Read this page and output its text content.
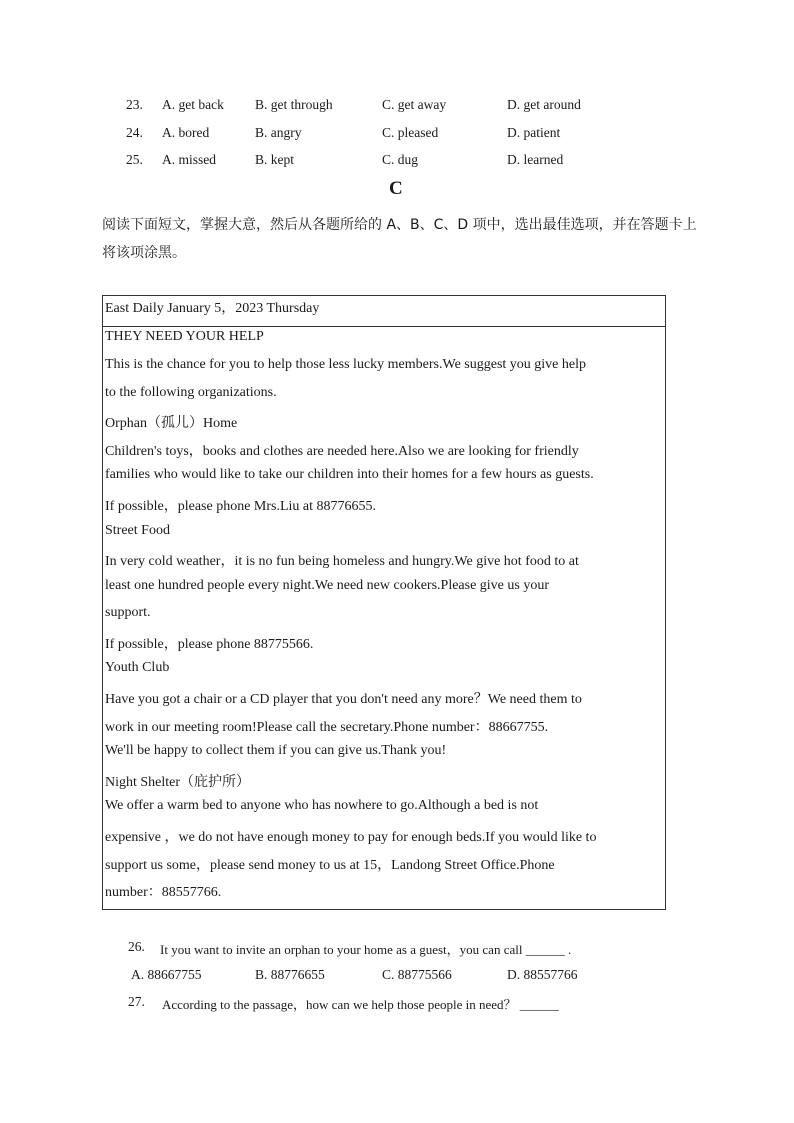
23. A. get back B. get through	C. get away	D. get around
24. A. bored	B. angry	C. pleased	D. patient
25. A. missed	B. kept	C. dug	D. learned
C
阅读下面短文，掌握大意，然后从各题所给的 A、B、C、D 项中，选出最佳选项，并在答题卡上
将该项涂黑。
East Daily January 5，2023 Thursday
THEY NEED YOUR HELP
This is the chance for you to help those less lucky members.We suggest you give help
to the following organizations.
Orphan（孤儿）Home
Children's toys，books and clothes are needed here.Also we are looking for friendly
families who would like to take our children into their homes for a few hours as guests.
If possible，please phone Mrs.Liu at 88776655.
Street Food
In very cold weather，it is no fun being homeless and hungry.We give hot food to at
least one hundred people every night.We need new cookers.Please give us your
support.
If possible，please phone 88775566.
Youth Club
Have you got a chair or a CD player that you don't need any more？We need them to
work in our meeting room!Please call the secretary.Phone number：88667755.
We'll be happy to collect them if you can give us.Thank you!
Night Shelter（庇护所）
We offer a warm bed to anyone who has nowhere to go.Although a bed is not
expensive ，we do not have enough money to pay for enough beds.If you would like to
support us some，please send money to us at 15，Landong Street Office.Phone
number：88557766.
26. It you want to invite an orphan to your home as a guest，you can call ______ .
A. 88667755	B. 88776655	C. 88775566	D. 88557766
27. According to the passage，how can we help those people in need？ ______
